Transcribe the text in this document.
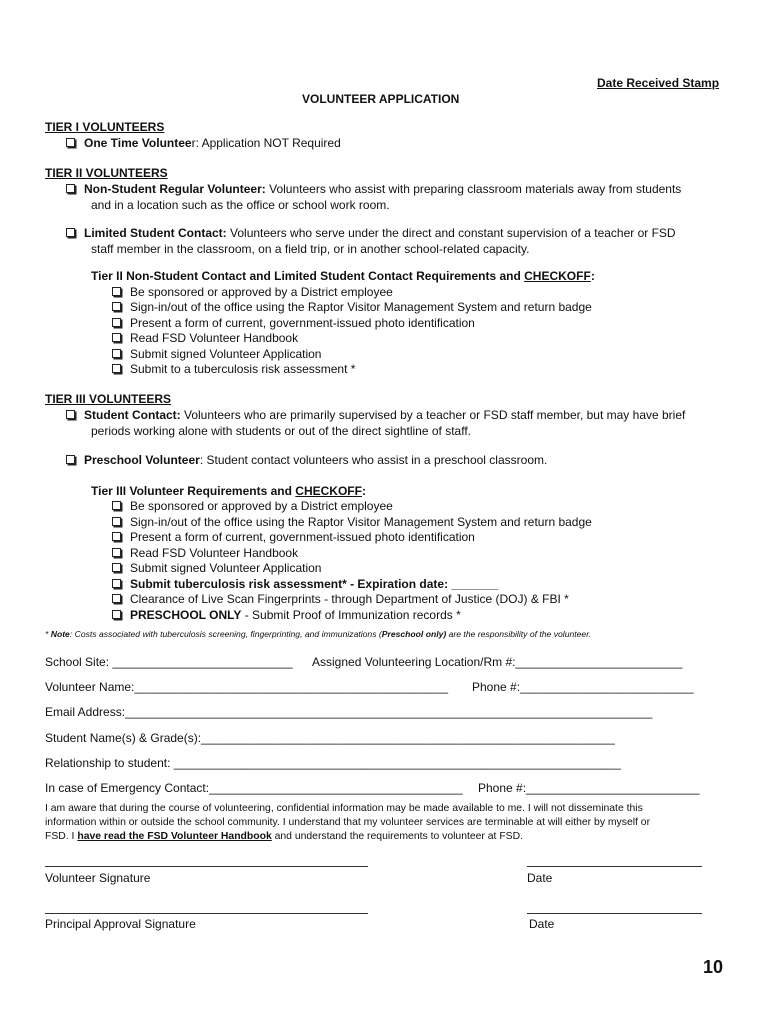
Date Received Stamp
VOLUNTEER APPLICATION
TIER I VOLUNTEERS
One Time Volunteer: Application NOT Required
TIER II VOLUNTEERS
Non-Student Regular Volunteer: Volunteers who assist with preparing classroom materials away from students
and in a location such as the office or school work room.
Limited Student Contact: Volunteers who serve under the direct and constant supervision of a teacher or FSD
staff member in the classroom, on a field trip, or in another school-related capacity.
Tier II Non-Student Contact and Limited Student Contact Requirements and CHECKOFF:
Be sponsored or approved by a District employee
Sign-in/out of the office using the Raptor Visitor Management System and return badge
Present a form of current, government-issued photo identification
Read FSD Volunteer Handbook
Submit signed Volunteer Application
Submit to a tuberculosis risk assessment *
TIER III VOLUNTEERS
Student Contact: Volunteers who are primarily supervised by a teacher or FSD staff member, but may have brief
periods working alone with students or out of the direct sightline of staff.
Preschool Volunteer: Student contact volunteers who assist in a preschool classroom.
Tier III Volunteer Requirements and CHECKOFF:
Be sponsored or approved by a District employee
Sign-in/out of the office using the Raptor Visitor Management System and return badge
Present a form of current, government-issued photo identification
Read FSD Volunteer Handbook
Submit signed Volunteer Application
Submit tuberculosis risk assessment* - Expiration date: _______
Clearance of Live Scan Fingerprints - through Department of Justice (DOJ) & FBI *
PRESCHOOL ONLY - Submit Proof of Immunization records *
* Note: Costs associated with tuberculosis screening, fingerprinting, and immunizations (Preschool only) are the responsibility of the volunteer.
School Site: ___________________________ Assigned Volunteering Location/Rm #:_________________________
Volunteer Name:_______________________________________________ Phone #:__________________________
Email Address:_______________________________________________________________________________
Student Name(s) & Grade(s):______________________________________________________________
Relationship to student: ___________________________________________________________________
In case of Emergency Contact:______________________________________ Phone #:__________________________
I am aware that during the course of volunteering, confidential information may be made available to me. I will not disseminate this
information within or outside the school community. I understand that my volunteer services are terminable at will either by myself or
FSD. I have read the FSD Volunteer Handbook and understand the requirements to volunteer at FSD.
Volunteer Signature	Date
Principal Approval Signature	Date
10
